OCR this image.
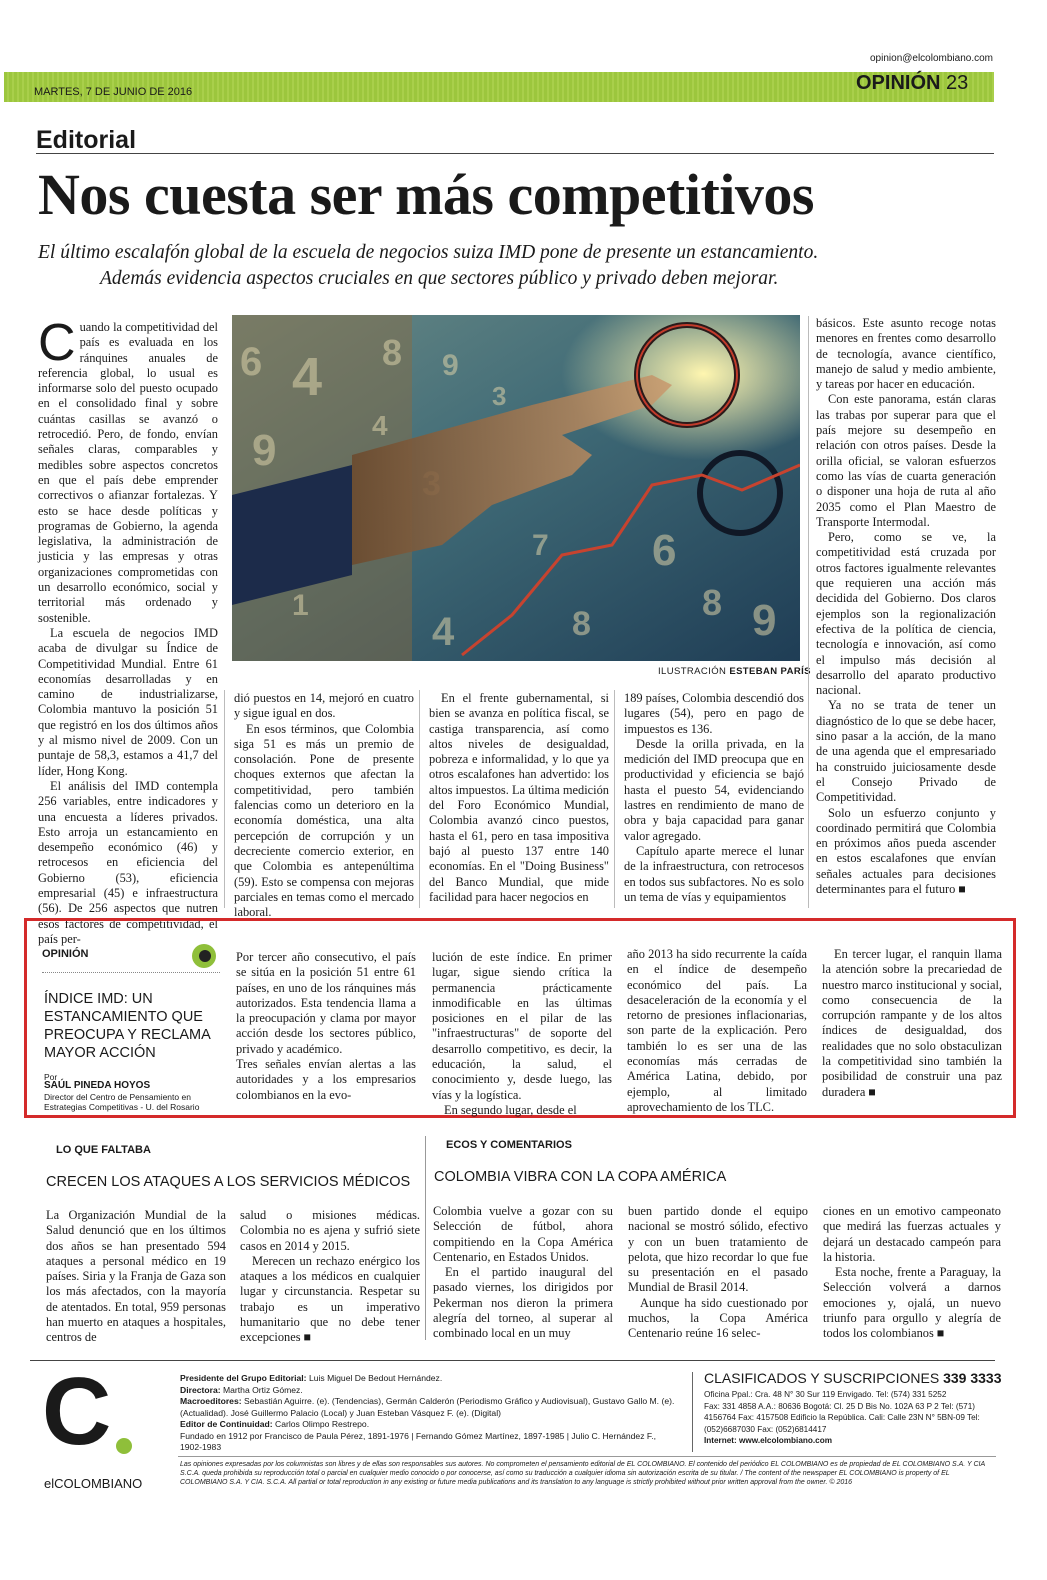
opinion@elcolombiano.com
MARTES, 7 DE JUNIO DE 2016	OPINIÓN 23
Editorial
Nos cuesta ser más competitivos
El último escalafón global de la escuela de negocios suiza IMD pone de presente un estancamiento.
Además evidencia aspectos cruciales en que sectores público y privado deben mejorar.
6 4 8
9
9
3
7 6
8 9
4	8
1
4
ILUSTRACIÓN ESTEBAN PARÍS

Cuando la competitividad del país es evaluada en los ránquines anuales de referencia global, lo usual es informarse solo del puesto ocupado en el consolidado final y sobre cuántas casillas se avanzó o retrocedió. Pero, de fondo, envían señales claras, comparables y medibles sobre aspectos concretos en que el país debe emprender correctivos o afianzar fortalezas. Y esto se hace desde políticas y programas de Gobierno, la agenda legislativa, la administración de justicia y las empresas y otras organizaciones comprometidas con un desarrollo económico, social y territorial más ordenado y sostenible.

La escuela de negocios IMD acaba de divulgar su Índice de Competitividad Mundial. Entre 61 economías desarrolladas y en camino de industrializarse, Colombia mantuvo la posición 51 que registró en los dos últimos años y al mismo nivel de 2009. Con un puntaje de 58,3, estamos a 41,7 del líder, Hong Kong.

El análisis del IMD contempla 256 variables, entre indicadores y una encuesta a líderes privados. Esto arroja un estancamiento en desempeño económico (46) y retrocesos en eficiencia del Gobierno (53), eficiencia empresarial (45) e infraestructura (56). De 256 aspectos que nutren esos factores de competitividad, el país per-

dió puestos en 14, mejoró en cuatro y sigue igual en dos.

En esos términos, que Colombia siga 51 es más un premio de consolación. Pone de presente choques externos que afectan la competitividad, pero también falencias como un deterioro en la economía doméstica, una alta percepción de corrupción y un decreciente comercio exterior, en que Colombia es antepenúltima (59). Esto se compensa con mejoras parciales en temas como el mercado laboral.

En el frente gubernamental, si bien se avanza en política fiscal, se castiga transparencia, así como altos niveles de desigualdad, pobreza e informalidad, y lo que ya otros escalafones han advertido: los altos impuestos. La última medición del Foro Económico Mundial, Colombia avanzó cinco puestos, hasta el 61, pero en tasa impositiva bajó al puesto 137 entre 140 economías. En el "Doing Business" del Banco Mundial, que mide facilidad para hacer negocios en

189 países, Colombia descendió dos lugares (54), pero en pago de impuestos es 136.

Desde la orilla privada, en la medición del IMD preocupa que en productividad y eficiencia se bajó hasta el puesto 54, evidenciando lastres en rendimiento de mano de obra y baja capacidad para ganar valor agregado.

Capítulo aparte merece el lunar de la infraestructura, con retrocesos en todos sus subfactores. No es solo un tema de vías y equipamientos

básicos. Este asunto recoge notas menores en frentes como desarrollo de tecnología, avance científico, manejo de salud y medio ambiente, y tareas por hacer en educación.

Con este panorama, están claras las trabas por superar para que el país mejore su desempeño en relación con otros países. Desde la orilla oficial, se valoran esfuerzos como las vías de cuarta generación o disponer una hoja de ruta al año 2035 como el Plan Maestro de Transporte Intermodal.

Pero, como se ve, la competitividad está cruzada por otros factores igualmente relevantes que requieren una acción más decidida del Gobierno. Dos claros ejemplos son la regionalización efectiva de la política de ciencia, tecnología e innovación, así como el impulso más decisión al desarrollo del aparato productivo nacional.

Ya no se trata de tener un diagnóstico de lo que se debe hacer, sino pasar a la acción, de la mano de una agenda que el empresariado ha construido juiciosamente desde el Consejo Privado de Competitividad.

Solo un esfuerzo conjunto y coordinado permitirá que Colombia en próximos años pueda ascender en estos escalafones que envían señales actuales para decisiones determinantes para el futuro ■

OPINIÓN
ÍNDICE IMD: UN ESTANCAMIENTO QUE PREOCUPA Y RECLAMA MAYOR ACCIÓN
Por
SAÚL PINEDA HOYOS
Director del Centro de Pensamiento en Estrategias Competitivas - U. del Rosario

Por tercer año consecutivo, el país se sitúa en la posición 51 entre 61 países, en uno de los ránquines más autorizados. Esta tendencia llama a la preocupación y clama por mayor acción desde los sectores público, privado y académico.

Tres señales envían alertas a las autoridades y a los empresarios colombianos en la evo-

lución de este índice. En primer lugar, sigue siendo crítica la permanencia prácticamente inmodificable en las últimas posiciones en el pilar de las "infraestructuras" de soporte del desarrollo competitivo, es decir, la educación, la salud, el conocimiento y, desde luego, las vías y la logística.

En segundo lugar, desde el

año 2013 ha sido recurrente la caída en el índice de desempeño económico del país. La desaceleración de la economía y el retorno de presiones inflacionarias, son parte de la explicación. Pero también lo es ser una de las economías más cerradas de América Latina, debido, por ejemplo, al limitado aprovechamiento de los TLC.

En tercer lugar, el ranquin llama la atención sobre la precariedad de nuestro marco institucional y social, como consecuencia de la corrupción rampante y de los altos índices de desigualdad, dos realidades que no solo obstaculizan la competitividad sino también la posibilidad de construir una paz duradera ■

LO QUE FALTABA
CRECEN LOS ATAQUES A LOS SERVICIOS MÉDICOS

La Organización Mundial de la Salud denunció que en los últimos dos años se han presentado 594 ataques a personal médico en 19 países. Siria y la Franja de Gaza son los más afectados, con la mayoría de atentados. En total, 959 personas han muerto en ataques a hospitales, centros de

salud o misiones médicas. Colombia no es ajena y sufrió siete casos en 2014 y 2015.

Merecen un rechazo enérgico los ataques a los médicos en cualquier lugar y circunstancia. Respetar su trabajo es un imperativo humanitario que no debe tener excepciones ■

ECOS Y COMENTARIOS
COLOMBIA VIBRA CON LA COPA AMÉRICA

Colombia vuelve a gozar con su Selección de fútbol, ahora compitiendo en la Copa América Centenario, en Estados Unidos.

En el partido inaugural del pasado viernes, los dirigidos por Pekerman nos dieron la primera alegría del torneo, al superar al combinado local en un muy

buen partido donde el equipo nacional se mostró sólido, efectivo y con un buen tratamiento de pelota, que hizo recordar lo que fue su presentación en el pasado Mundial de Brasil 2014.

Aunque ha sido cuestionado por muchos, la Copa América Centenario reúne 16 selec-

ciones en un emotivo campeonato que medirá las fuerzas actuales y dejará un destacado campeón para la historia.

Esta noche, frente a Paraguay, la Selección volverá a darnos emociones y, ojalá, un nuevo triunfo para orgullo y alegría de todos los colombianos ■

C
elCOLOMBIANO
Presidente del Grupo Editorial: Luis Miguel De Bedout Hernández.
Directora: Martha Ortiz Gómez.
Macroeditores: Sebastián Aguirre. (e). (Tendencias), Germán Calderón (Periodismo Gráfico y Audiovisual), Gustavo Gallo M. (e).
(Actualidad). José Guillermo Palacio (Local) y Juan Esteban Vásquez F. (e). (Digital)
Editor de Continuidad: Carlos Olimpo Restrepo.
Fundado en 1912 por Francisco de Paula Pérez, 1891-1976 | Fernando Gómez Martínez, 1897-1985 | Julio C. Hernández F., 1902-1983
CLASIFICADOS Y SUSCRIPCIONES 339 3333
Oficina Ppal.: Cra. 48 N° 30 Sur 119 Envigado. Tel: (574) 331 5252
Fax: 331 4858 A.A.: 80636 Bogotá: Cl. 25 D Bis No. 102A 63 P 2 Tel: (571)
4156764 Fax: 4157508 Edificio la República. Cali: Calle 23N N° 5BN-09 Tel:
(052)6687030 Fax: (052)6814417
Internet: www.elcolombiano.com
Las opiniones expresadas por los columnistas son libres y de ellas son responsables sus autores. No comprometen el pensamiento editorial de EL COLOMBIANO. El contenido del periódico EL COLOMBIANO es de propiedad de EL COLOMBIANO S.A. Y CIA S.C.A. queda prohibida su reproducción total o parcial en cualquier medio conocido o por conocerse, así como su traducción a cualquier idioma sin autorización escrita de su titular. / The content of the newspaper EL COLOMBIANO is property of EL COLOMBIANO S.A. Y CIA. S.C.A. All partial or total reproduction in any existing or future media publications and its translation to any language is strictly prohibited without prior written approval from the owner. © 2016
